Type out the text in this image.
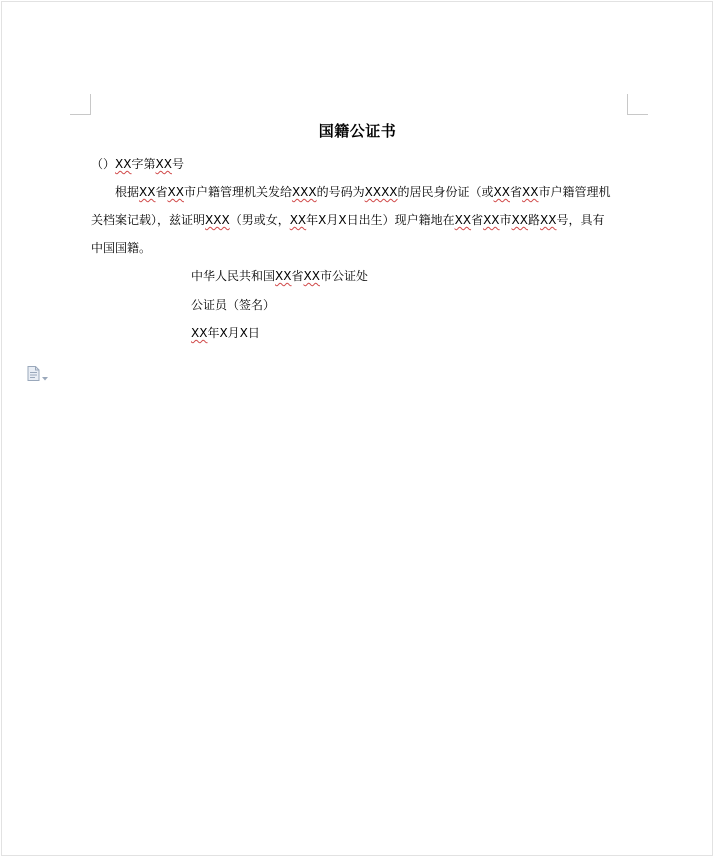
国籍公证书
（）XX字第XX号
根据XX省XX市户籍管理机关发给XXX的号码为XXXX的居民身份证（或XX省XX市户籍管理机
关档案记载），兹证明XXX（男或女，XX年X月X日出生）现户籍地在XX省XX市XX路XX号，具有
中国国籍。
中华人民共和国XX省XX市公证处
公证员（签名）
XX年X月X日
